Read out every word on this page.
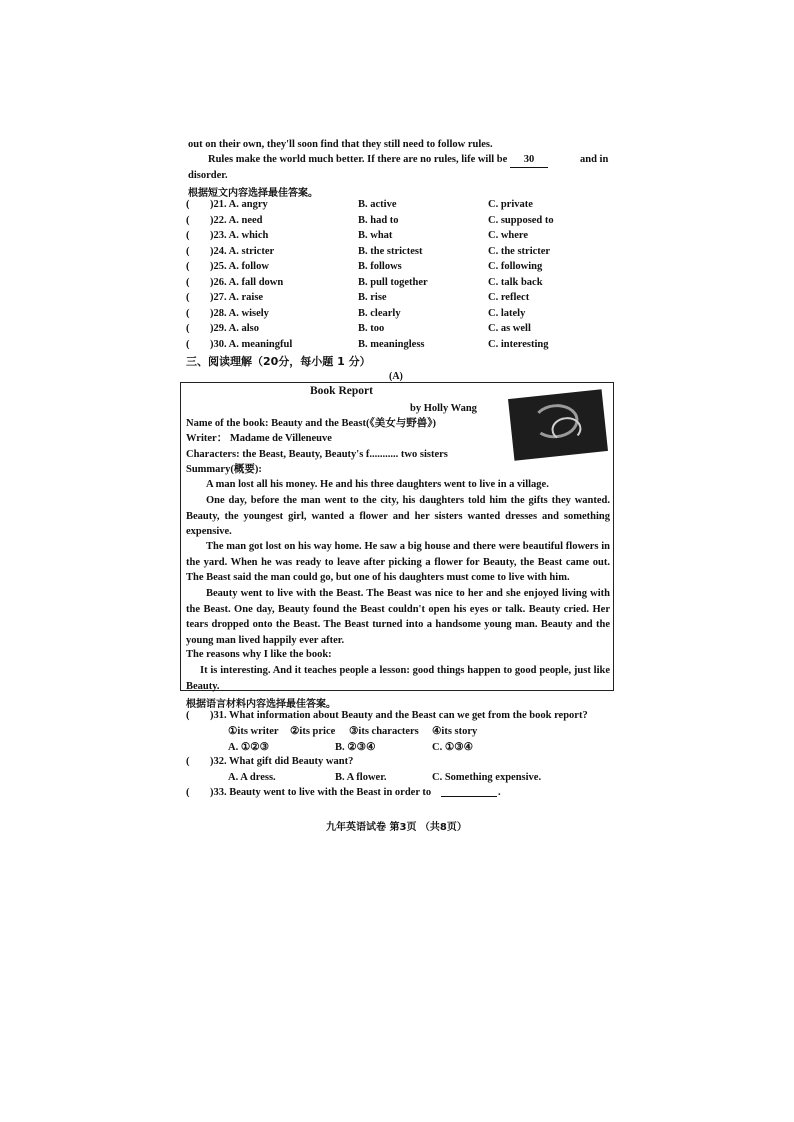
out on their own, they'll soon find that they still need to follow rules.
Rules make the world much better. If there are no rules, life will be 30	and in
disorder.
根据短文内容选择最佳答案。
( )21. A. angry	B. active	C. private
( )22. A. need	B. had to	C. supposed to
( )23. A. which	B. what	C. where
( )24. A. stricter	B. the strictest	C. the stricter
( )25. A. follow	B. follows	C. following
( )26. A. fall down	B. pull together	C. talk back
( )27. A. raise	B. rise	C. reflect
( )28. A. wisely	B. clearly	C. lately
( )29. A. also	B. too	C. as well
( )30. A. meaningful	B. meaningless	C. interesting
三、阅读理解（20分，每小题 1 分）
(A)
Book Report
by Holly Wang
Name of the book: Beauty and the Beast(《美女与野兽》)
Writer： Madame de Villeneuve
Characters: the Beast, Beauty, Beauty's f........... two sisters
Summary(概要):
A man lost all his money. He and his three daughters went to live in a village.
One day, before the man went to the city, his daughters told him the gifts they wanted. Beauty, the youngest girl, wanted a flower and her sisters wanted dresses and something expensive.
The man got lost on his way home. He saw a big house and there were beautiful flowers in the yard. When he was ready to leave after picking a flower for Beauty, the Beast came out. The Beast said the man could go, but one of his daughters must come to live with him.
Beauty went to live with the Beast. The Beast was nice to her and she enjoyed living with the Beast. One day, Beauty found the Beast couldn't open his eyes or talk. Beauty cried. Her tears dropped onto the Beast. The Beast turned into a handsome young man. Beauty and the young man lived happily ever after.
The reasons why I like the book:
It is interesting. And it teaches people a lesson: good things happen to good people, just like Beauty.
根据语言材料内容选择最佳答案。
( )31. What information about Beauty and the Beast can we get from the book report?
①its writer ②its price ③its characters ④its story
A. ①②③	B. ②③④	C. ①③④
( )32. What gift did Beauty want?
A. A dress.	B. A flower.	C. Something expensive.
( )33. Beauty went to live with the Beast in order to	.
九年英语试卷 第3页 （共8页）
